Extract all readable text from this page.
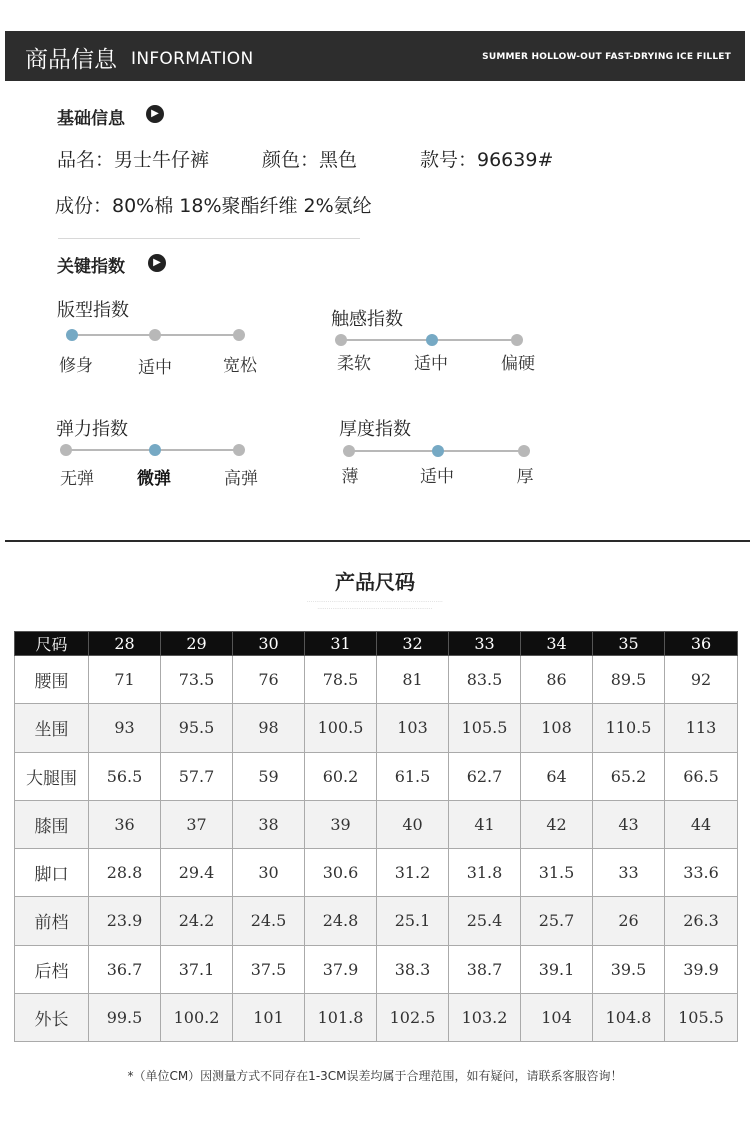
商品信息 INFORMATION	SUMMER HOLLOW-OUT FAST-DRYING ICE FILLET
基础信息	▶
品名：男士牛仔裤	颜色：黑色	款号：96639#
成份：80%棉 18%聚酯纤维 2%氨纶
关键指数	▶
版型指数
修身	适中	宽松
触感指数
柔软	适中	偏硬
弹力指数
无弹	微弹	高弹
厚度指数
薄	适中	厚
产品尺码
········································································
·····························································
尺码	28	29	30	31	32	33	34	35	36
腰围	71	73.5	76	78.5	81	83.5	86	89.5	92
坐围	93	95.5	98	100.5	103	105.5	108	110.5	113
大腿围	56.5	57.7	59	60.2	61.5	62.7	64	65.2	66.5
膝围	36	37	38	39	40	41	42	43	44
脚口	28.8	29.4	30	30.6	31.2	31.8	31.5	33	33.6
前档	23.9	24.2	24.5	24.8	25.1	25.4	25.7	26	26.3
后档	36.7	37.1	37.5	37.9	38.3	38.7	39.1	39.5	39.9
外长	99.5	100.2	101	101.8	102.5	103.2	104	104.8	105.5
*（单位CM）因测量方式不同存在1-3CM误差均属于合理范围，如有疑问，请联系客服咨询！
